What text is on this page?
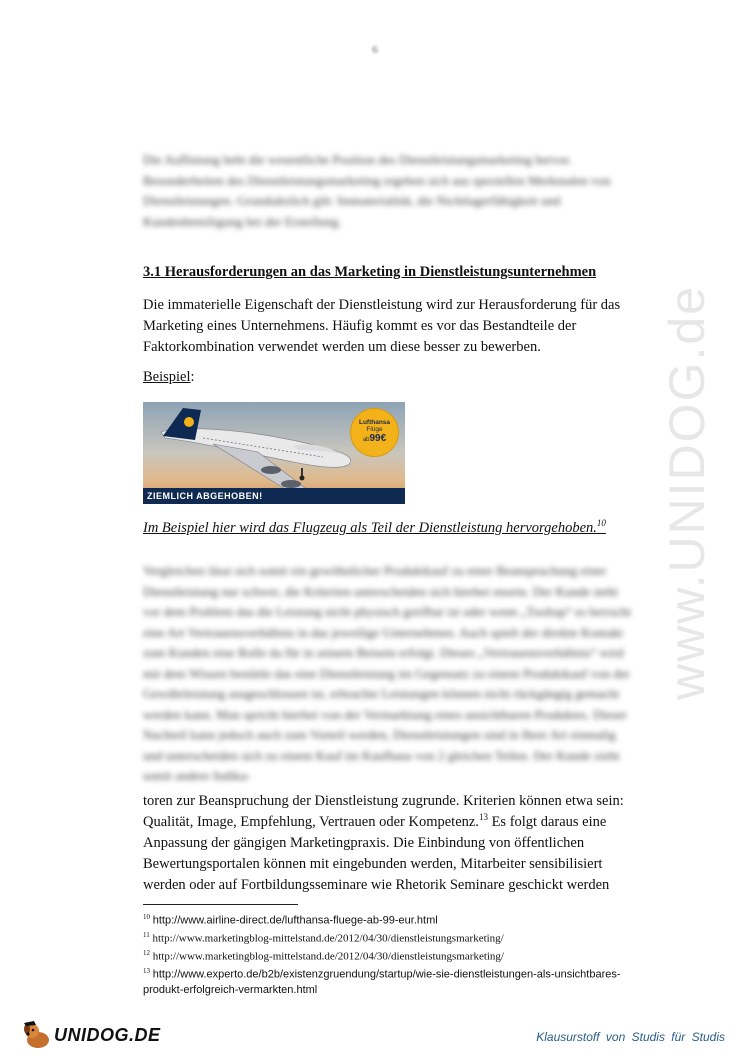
6

Die Auflistung hebt die wesentliche Position des Dienstleistungsmarketing hervor. Besonderheiten des Dienstleistungsmarketing ergeben sich aus speziellen Merkmalen von Dienstleistungen. Grundsätzlich gilt: Immaterialität, die Nichtlagerfähigkeit und Kundenbeteiligung bei der Erstellung.

3.1 Herausforderungen an das Marketing in Dienstleistungsunternehmen

Die immaterielle Eigenschaft der Dienstleistung wird zur Herausforderung für das Marketing eines Unternehmens. Häufig kommt es vor das Bestandteile der Faktorkombination verwendet werden um diese besser zu bewerben.

Beispiel:

Lufthansa
Flüge
ab99€
ZIEMLICH ABGEHOBEN!

Im Beispiel hier wird das Flugzeug als Teil der Dienstleistung hervorgehoben.$^{10}$

Vergleichen lässt sich somit ein gewöhnlicher Produktkauf zu einer Beanspruchung einer Dienstleistung nur schwer, die Kriterien unterscheiden sich hierbei enorm. Der Kunde steht vor dem Problem das die Leistung nicht physisch greifbar ist oder wenn „Tooltap“ es herrscht eine Art Vertrauensverhältnis in das jeweilige Unternehmen. Auch spielt der direkte Kontakt zum Kunden eine Rolle da für in seinem Beisein erfolgt. Dieses „Vertrauensverhältnis“ wird mit dem Wissen bestärkt das eine Dienstleistung im Gegensatz zu einem Produktkauf von der Gewährleistung ausgeschlossen ist, erbrachte Leistungen können nicht rückgängig gemacht werden kann. Man spricht hierbei von der Vermarktung eines unsichtbaren Produktes. Dieser Nachteil kann jedoch auch zum Vorteil werden, Dienstleistungen sind in Ihrer Art einmalig und unterscheiden sich zu einem Kauf im Kaufhaus von 2 gleichen Teilen. Der Kunde zieht somit andere Indika-

toren zur Beanspruchung der Dienstleistung zugrunde. Kriterien können etwa sein: Qualität, Image, Empfehlung, Vertrauen oder Kompetenz.$^{13}$ Es folgt daraus eine Anpassung der gängigen Marketingpraxis. Die Einbindung von öffentlichen Bewertungsportalen können mit eingebunden werden, Mitarbeiter sensibilisiert werden oder auf Fortbildungsseminare wie Rhetorik Seminare geschickt werden

$^{10}$ http://www.airline-direct.de/lufthansa-fluege-ab-99-eur.html

$^{11}$ http://www.marketingblog-mittelstand.de/2012/04/30/dienstleistungsmarketing/

$^{12}$ http://www.marketingblog-mittelstand.de/2012/04/30/dienstleistungsmarketing/

$^{13}$ http://www.experto.de/b2b/existenzgruendung/startup/wie-sie-dienstleistungen-als-unsichtbares-produkt-erfolgreich-vermarkten.html

www.UNIDOG.de
UNIDOG.DE	Klausurstoff von Studis für Studis
